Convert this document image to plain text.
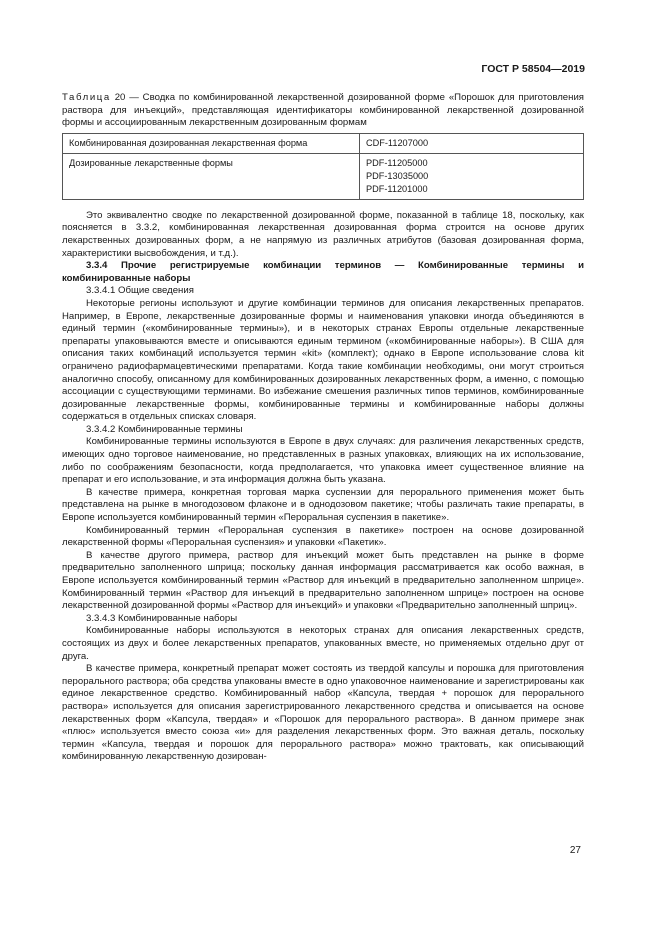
ГОСТ Р 58504—2019

Таблица 20 — Сводка по комбинированной лекарственной дозированной форме «Порошок для приготовления раствора для инъекций», представляющая идентификаторы комбинированной лекарственной дозированной формы и ассоциированным лекарственным дозированным формам

Комбинированная дозированная лекарственная форма	CDF-11207000

Дозированные лекарственные формы	PDF-11205000
PDF-13035000
PDF-11201000

Это эквивалентно сводке по лекарственной дозированной форме, показанной в таблице 18, поскольку, как поясняется в 3.3.2, комбинированная лекарственная дозированная форма строится на основе других лекарственных дозированных форм, а не напрямую из различных атрибутов (базовая дозированная форма, характеристики высвобождения, и т.д.).

3.3.4 Прочие регистрируемые комбинации терминов — Комбинированные термины и комбинированные наборы

3.3.4.1 Общие сведения

Некоторые регионы используют и другие комбинации терминов для описания лекарственных препаратов. Например, в Европе, лекарственные дозированные формы и наименования упаковки иногда объединяются в единый термин («комбинированные термины»), и в некоторых странах Европы отдельные лекарственные препараты упаковываются вместе и описываются единым термином («комбинированные наборы»). В США для описания таких комбинаций используется термин «kit» (комплект); однако в Европе использование слова kit ограничено радиофармацевтическими препаратами. Когда такие комбинации необходимы, они могут строиться аналогично способу, описанному для комбинированных дозированных лекарственных форм, а именно, с помощью ассоциации с существующими терминами. Во избежание смешения различных типов терминов, комбинированные дозированные лекарственные формы, комбинированные термины и комбинированные наборы должны содержаться в отдельных списках словаря.

3.3.4.2 Комбинированные термины

Комбинированные термины используются в Европе в двух случаях: для различения лекарственных средств, имеющих одно торговое наименование, но представленных в разных упаковках, влияющих на их использование, либо по соображениям безопасности, когда предполагается, что упаковка имеет существенное влияние на препарат и его использование, и эта информация должна быть указана.

В качестве примера, конкретная торговая марка суспензии для перорального применения может быть представлена на рынке в многодозовом флаконе и в однодозовом пакетике; чтобы различать такие препараты, в Европе используется комбинированный термин «Пероральная суспензия в пакетике».

Комбинированный термин «Пероральная суспензия в пакетике» построен на основе дозированной лекарственной формы «Пероральная суспензия» и упаковки «Пакетик».

В качестве другого примера, раствор для инъекций может быть представлен на рынке в форме предварительно заполненного шприца; поскольку данная информация рассматривается как особо важная, в Европе используется комбинированный термин «Раствор для инъекций в предварительно заполненном шприце». Комбинированный термин «Раствор для инъекций в предварительно заполненном шприце» построен на основе лекарственной дозированной формы «Раствор для инъекций» и упаковки «Предварительно заполненный шприц».

3.3.4.3 Комбинированные наборы

Комбинированные наборы используются в некоторых странах для описания лекарственных средств, состоящих из двух и более лекарственных препаратов, упакованных вместе, но применяемых отдельно друг от друга.

В качестве примера, конкретный препарат может состоять из твердой капсулы и порошка для приготовления перорального раствора; оба средства упакованы вместе в одно упаковочное наименование и зарегистрированы как единое лекарственное средство. Комбинированный набор «Капсула, твердая + порошок для перорального раствора» используется для описания зарегистрированного лекарственного средства и описывается на основе лекарственных форм «Капсула, твердая» и «Порошок для перорального раствора». В данном примере знак «плюс» используется вместо союза «и» для разделения лекарственных форм. Это важная деталь, поскольку термин «Капсула, твердая и порошок для перорального раствора» можно трактовать, как описывающий комбинированную лекарственную дозирован-

27
